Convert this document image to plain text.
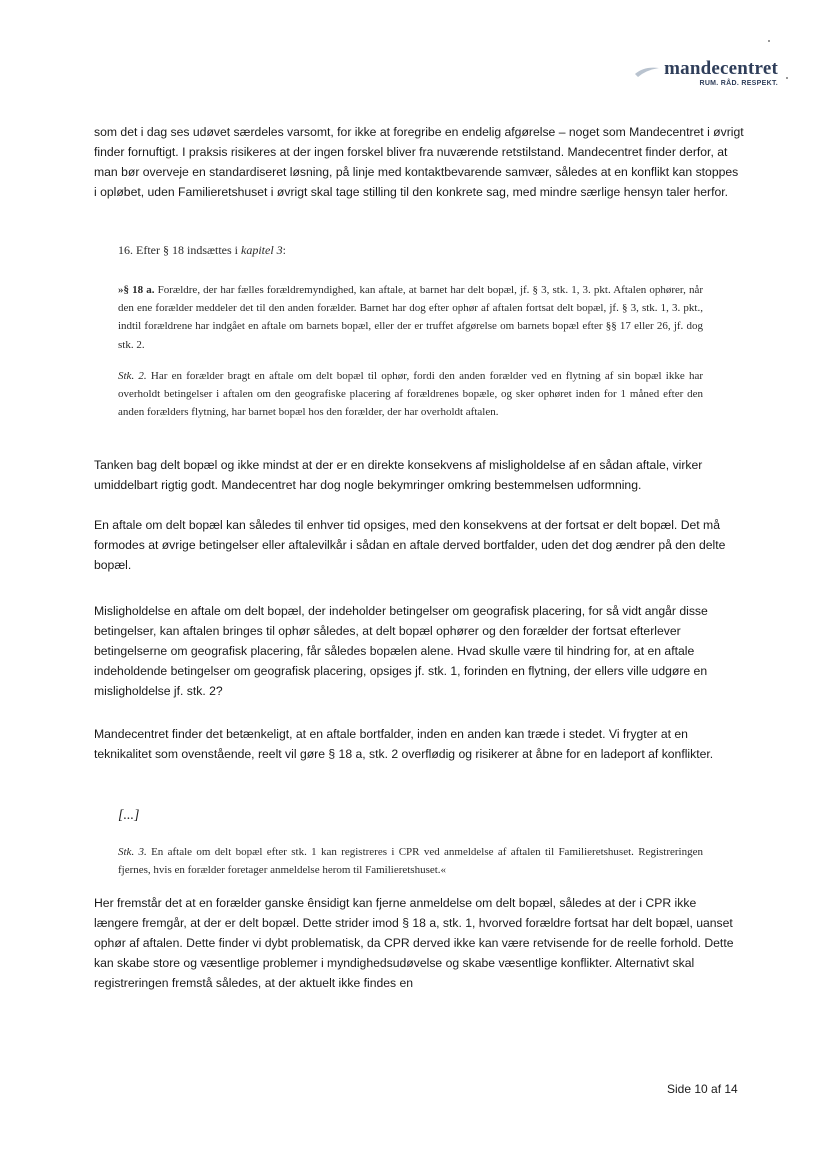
mandecentret
RUM. RÅD. RESPEKT.

som det i dag ses udøvet særdeles varsomt, for ikke at foregribe en endelig afgørelse – noget som Mandecentret i øvrigt finder fornuftigt. I praksis risikeres at der ingen forskel bliver fra nuværende retstilstand. Mandecentret finder derfor, at man bør overveje en standardiseret løsning, på linje med kontaktbevarende samvær, således at en konflikt kan stoppes i opløbet, uden Familieretshuset i øvrigt skal tage stilling til den konkrete sag, med mindre særlige hensyn taler herfor.

16. Efter § 18 indsættes i kapitel 3:

»§ 18 a. Forældre, der har fælles forældremyndighed, kan aftale, at barnet har delt bopæl, jf. § 3, stk. 1, 3. pkt. Aftalen ophører, når den ene forælder meddeler det til den anden forælder. Barnet har dog efter ophør af aftalen fortsat delt bopæl, jf. § 3, stk. 1, 3. pkt., indtil forældrene har indgået en aftale om barnets bopæl, eller der er truffet afgørelse om barnets bopæl efter §§ 17 eller 26, jf. dog stk. 2.

Stk. 2. Har en forælder bragt en aftale om delt bopæl til ophør, fordi den anden forælder ved en flytning af sin bopæl ikke har overholdt betingelser i aftalen om den geografiske placering af forældrenes bopæle, og sker ophøret inden for 1 måned efter den anden forælders flytning, har barnet bopæl hos den forælder, der har overholdt aftalen.

Tanken bag delt bopæl og ikke mindst at der er en direkte konsekvens af misligholdelse af en sådan aftale, virker umiddelbart rigtig godt. Mandecentret har dog nogle bekymringer omkring bestemmelsen udformning.

En aftale om delt bopæl kan således til enhver tid opsiges, med den konsekvens at der fortsat er delt bopæl. Det må formodes at øvrige betingelser eller aftalevilkår i sådan en aftale derved bortfalder, uden det dog ændrer på den delte bopæl.

Misligholdelse en aftale om delt bopæl, der indeholder betingelser om geografisk placering, for så vidt angår disse betingelser, kan aftalen bringes til ophør således, at delt bopæl ophører og den forælder der fortsat efterlever betingelserne om geografisk placering, får således bopælen alene. Hvad skulle være til hindring for, at en aftale indeholdende betingelser om geografisk placering, opsiges jf. stk. 1, forinden en flytning, der ellers ville udgøre en misligholdelse jf. stk. 2?

Mandecentret finder det betænkeligt, at en aftale bortfalder, inden en anden kan træde i stedet. Vi frygter at en teknikalitet som ovenstående, reelt vil gøre § 18 a, stk. 2 overflødig og risikerer at åbne for en ladeport af konflikter.

[...]

Stk. 3. En aftale om delt bopæl efter stk. 1 kan registreres i CPR ved anmeldelse af aftalen til Familieretshuset. Registreringen fjernes, hvis en forælder foretager anmeldelse herom til Familieretshuset.«

Her fremstår det at en forælder ganske ênsidigt kan fjerne anmeldelse om delt bopæl, således at der i CPR ikke længere fremgår, at der er delt bopæl. Dette strider imod § 18 a, stk. 1, hvorved forældre fortsat har delt bopæl, uanset ophør af aftalen. Dette finder vi dybt problematisk, da CPR derved ikke kan være retvisende for de reelle forhold. Dette kan skabe store og væsentlige problemer i myndighedsudøvelse og skabe væsentlige konflikter. Alternativt skal registreringen fremstå således, at der aktuelt ikke findes en

Side 10 af 14
